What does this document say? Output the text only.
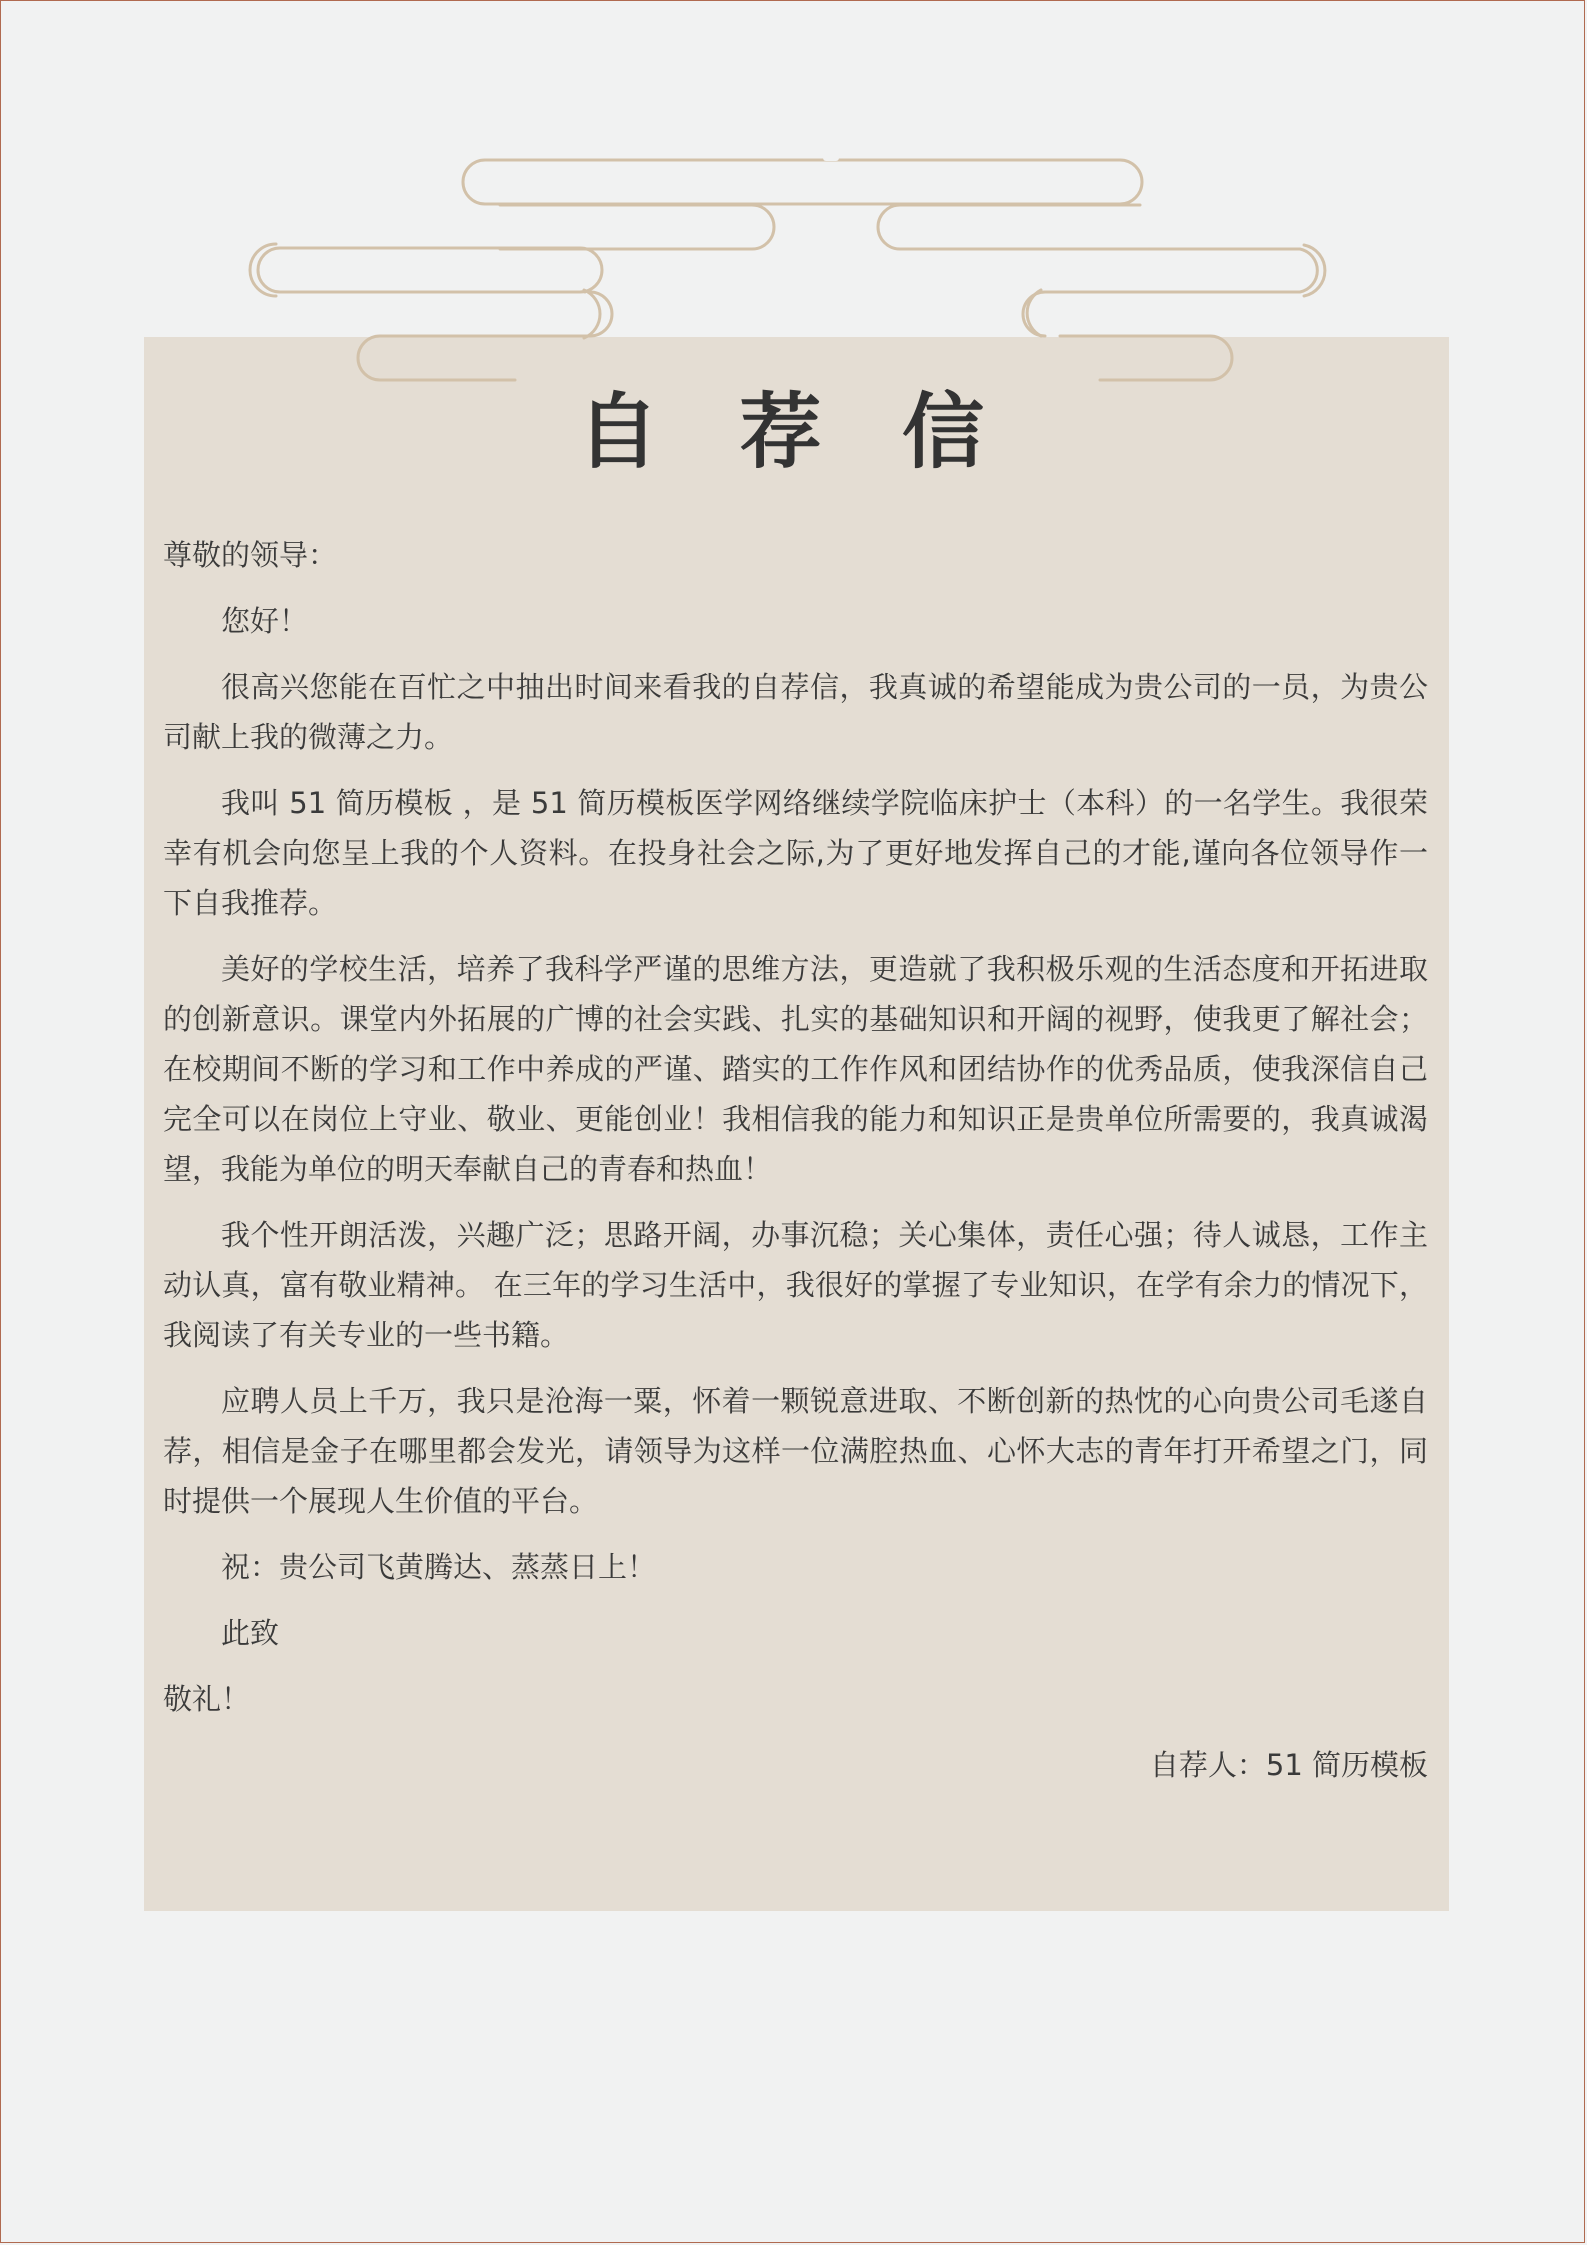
自 荐 信

尊敬的领导：

您好！

很高兴您能在百忙之中抽出时间来看我的自荐信，我真诚的希望能成为贵公司的一员，为贵公司献上我的微薄之力。

我叫 51 简历模板 ，是 51 简历模板医学网络继续学院临床护士（本科）的一名学生。我很荣幸有机会向您呈上我的个人资料。在投身社会之际,为了更好地发挥自己的才能,谨向各位领导作一下自我推荐。

美好的学校生活，培养了我科学严谨的思维方法，更造就了我积极乐观的生活态度和开拓进取的创新意识。课堂内外拓展的广博的社会实践、扎实的基础知识和开阔的视野，使我更了解社会；在校期间不断的学习和工作中养成的严谨、踏实的工作作风和团结协作的优秀品质，使我深信自己完全可以在岗位上守业、敬业、更能创业！我相信我的能力和知识正是贵单位所需要的，我真诚渴望，我能为单位的明天奉献自己的青春和热血！

我个性开朗活泼，兴趣广泛；思路开阔，办事沉稳；关心集体，责任心强；待人诚恳，工作主动认真，富有敬业精神。 在三年的学习生活中，我很好的掌握了专业知识，在学有余力的情况下，我阅读了有关专业的一些书籍。

应聘人员上千万，我只是沧海一粟，怀着一颗锐意进取、不断创新的热忱的心向贵公司毛遂自荐，相信是金子在哪里都会发光，请领导为这样一位满腔热血、心怀大志的青年打开希望之门，同时提供一个展现人生价值的平台。

祝：贵公司飞黄腾达、蒸蒸日上！

此致

敬礼！

自荐人：51 简历模板
